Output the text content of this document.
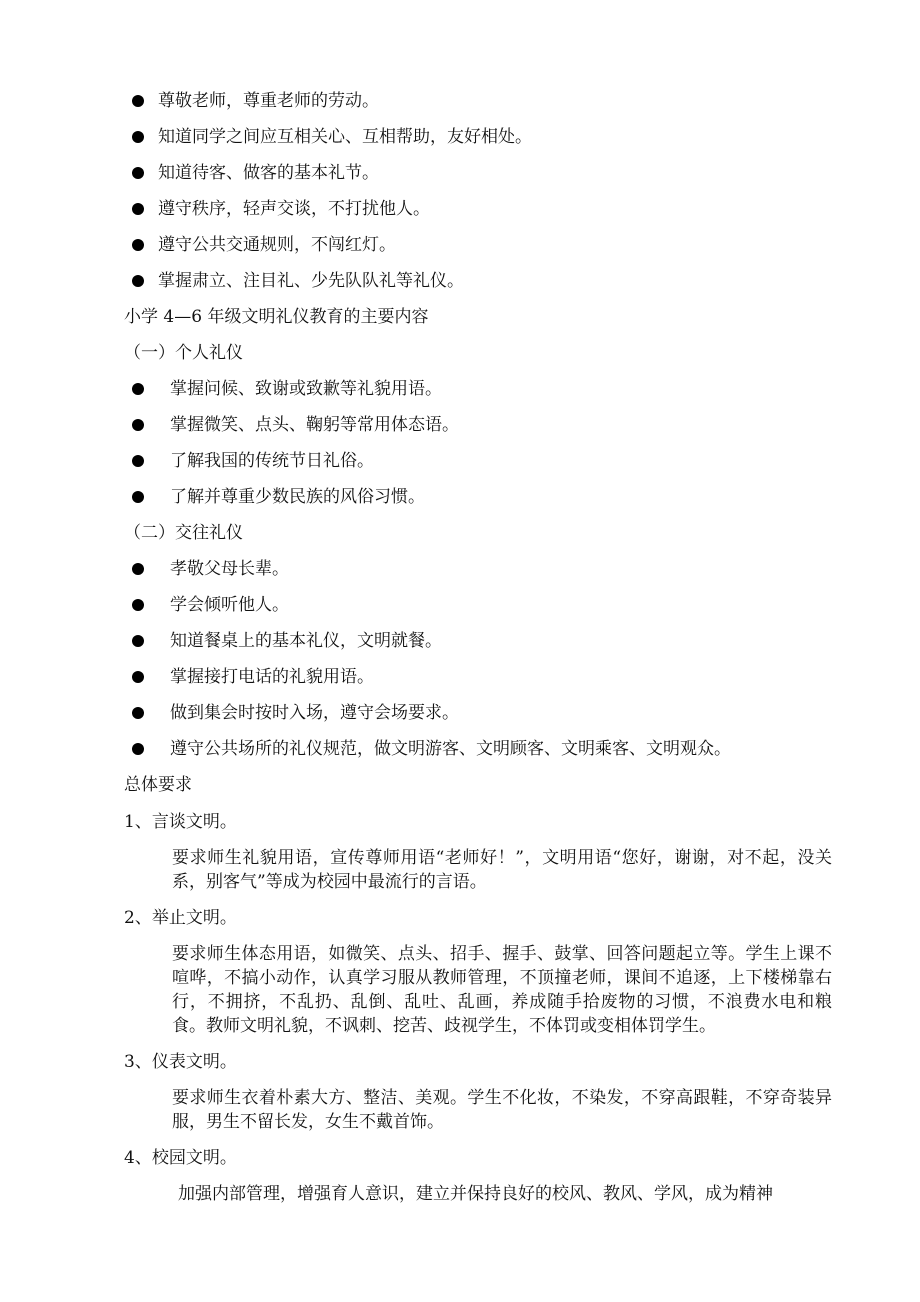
尊敬老师，尊重老师的劳动。
知道同学之间应互相关心、互相帮助，友好相处。
知道待客、做客的基本礼节。
遵守秩序，轻声交谈，不打扰他人。
遵守公共交通规则，不闯红灯。
掌握肃立、注目礼、少先队队礼等礼仪。
小学 4—6 年级文明礼仪教育的主要内容
（一）个人礼仪
掌握问候、致谢或致歉等礼貌用语。
掌握微笑、点头、鞠躬等常用体态语。
了解我国的传统节日礼俗。
了解并尊重少数民族的风俗习惯。
（二）交往礼仪
孝敬父母长辈。
学会倾听他人。
知道餐桌上的基本礼仪，文明就餐。
掌握接打电话的礼貌用语。
做到集会时按时入场，遵守会场要求。
遵守公共场所的礼仪规范，做文明游客、文明顾客、文明乘客、文明观众。
总体要求
1、言谈文明。
要求师生礼貌用语，宣传尊师用语“老师好！”，文明用语“您好，谢谢，对不起，没关系，别客气”等成为校园中最流行的言语。
2、举止文明。
要求师生体态用语，如微笑、点头、招手、握手、鼓掌、回答问题起立等。学生上课不喧哗，不搞小动作，认真学习服从教师管理，不顶撞老师，课间不追逐，上下楼梯靠右行，不拥挤，不乱扔、乱倒、乱吐、乱画，养成随手拾废物的习惯，不浪费水电和粮食。教师文明礼貌，不讽刺、挖苦、歧视学生，不体罚或变相体罚学生。
3、仪表文明。
要求师生衣着朴素大方、整洁、美观。学生不化妆，不染发，不穿高跟鞋，不穿奇装异服，男生不留长发，女生不戴首饰。
4、校园文明。
加强内部管理，增强育人意识，建立并保持良好的校风、教风、学风，成为精神
